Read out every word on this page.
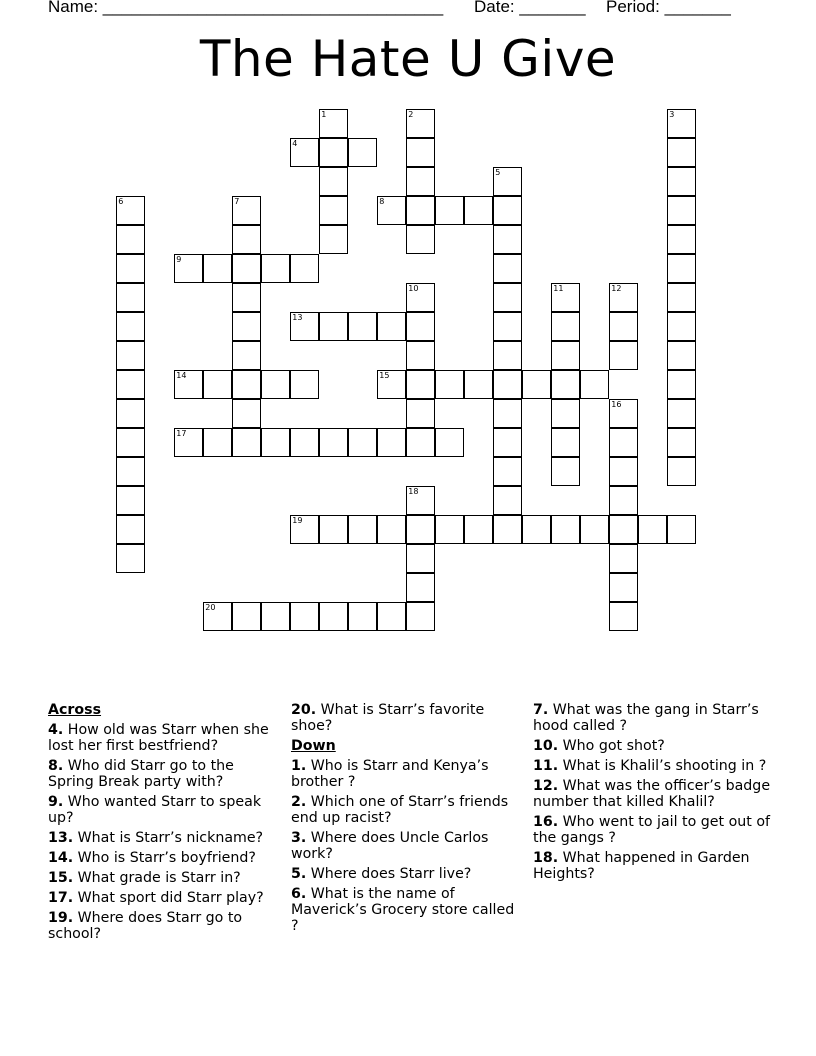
Name: ____________________________________ Date: _______ Period: _______
The Hate U Give
1	2	3
4
5
6	7	8
9
10	11	12
13
14	15
16
17
18
19
20
Across
4. How old was Starr when she lost her first bestfriend?
8. Who did Starr go to the Spring Break party with?
9. Who wanted Starr to speak up?
13. What is Starr’s nickname?
14. Who is Starr’s boyfriend?
15. What grade is Starr in?
17. What sport did Starr play?
19. Where does Starr go to school?
20. What is Starr’s favorite shoe?
Down
1. Who is Starr and Kenya’s brother ?
2. Which one of Starr’s friends end up racist?
3. Where does Uncle Carlos work?
5. Where does Starr live?
6. What is the name of Maverick’s Grocery store called ?
7. What was the gang in Starr’s hood called ?
10. Who got shot?
11. What is Khalil’s shooting in ?
12. What was the officer’s badge number that killed Khalil?
16. Who went to jail to get out of the gangs ?
18. What happened in Garden Heights?
